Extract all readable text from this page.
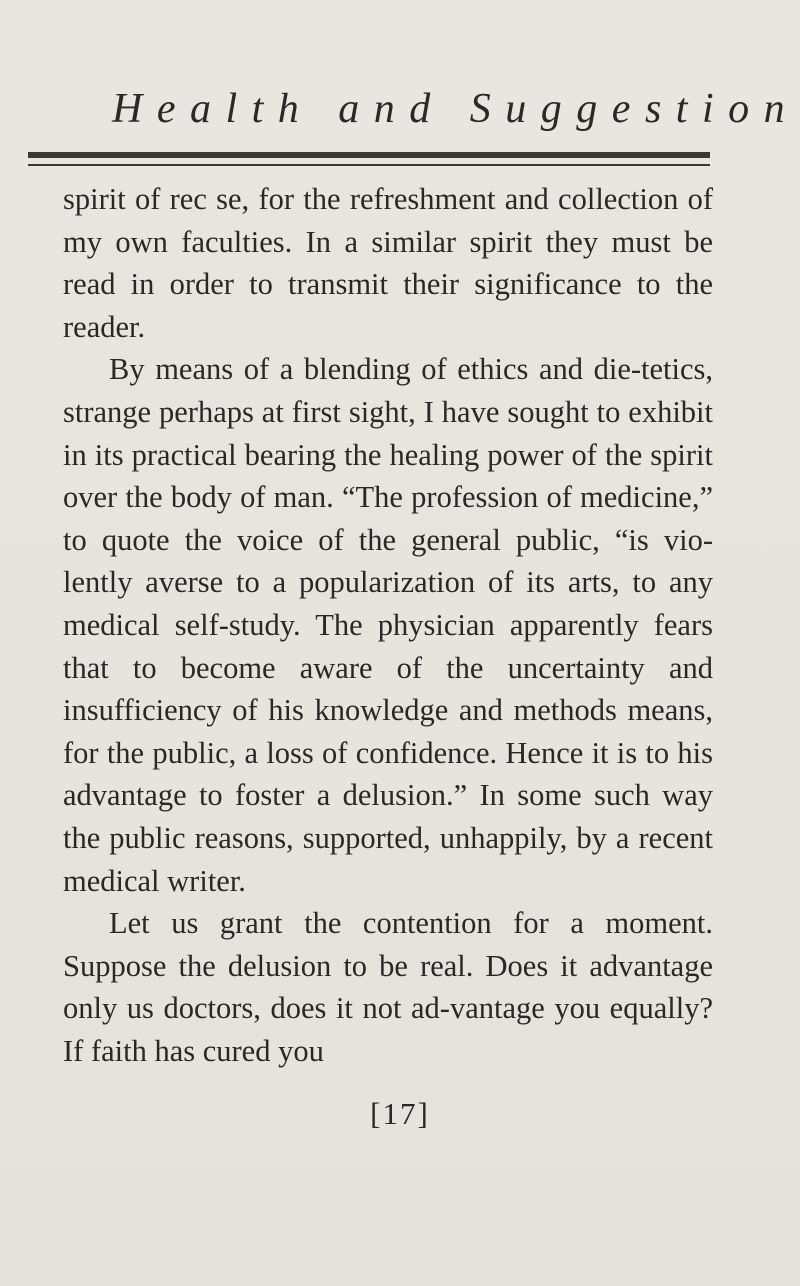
Health and Suggestion

spirit of rec se, for the refreshment and collection of my own faculties. In a similar spirit they must be read in order to transmit their significance to the reader.

By means of a blending of ethics and die-tetics, strange perhaps at first sight, I have sought to exhibit in its practical bearing the healing power of the spirit over the body of man. “The profession of medicine,” to quote the voice of the general public, “is vio-lently averse to a popularization of its arts, to any medical self-study. The physician apparently fears that to become aware of the uncertainty and insufficiency of his knowledge and methods means, for the public, a loss of confidence. Hence it is to his advantage to foster a delusion.” In some such way the public reasons, supported, unhappily, by a recent medical writer.

Let us grant the contention for a moment. Suppose the delusion to be real. Does it advantage only us doctors, does it not ad-vantage you equally? If faith has cured you

[17]
